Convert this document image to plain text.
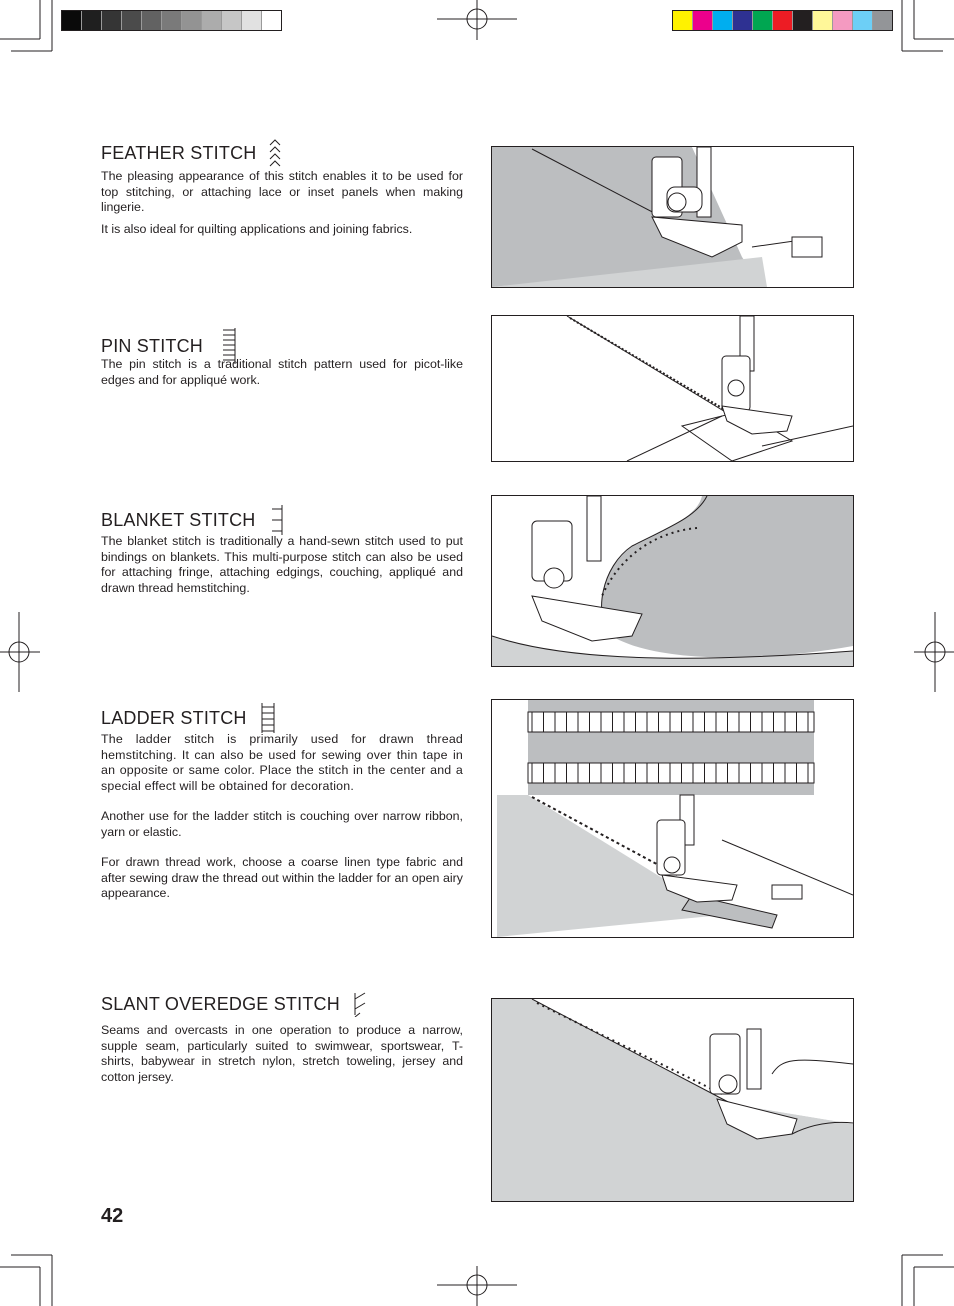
FEATHER STITCH

The pleasing appearance of this stitch enables it to be used for top stitching, or attaching lace or inset panels when making lingerie.

It is also ideal for quilting applications and joining fabrics.

PIN STITCH

The pin stitch is a traditional stitch pattern used for picot-like edges and for appliqué work.

BLANKET STITCH

The blanket stitch is traditionally a hand-sewn stitch used to put bindings on blankets. This multi-purpose stitch can also be used for attaching fringe, attaching edgings, couching, appliqué and drawn thread hemstitching.

LADDER STITCH

The ladder stitch is primarily used for drawn thread hemstitching. It can also be used for sewing over thin tape in an opposite or same color. Place the stitch in the center and a special effect will be obtained for decoration.

Another use for the ladder stitch is couching over narrow ribbon, yarn or elastic.

For drawn thread work, choose a coarse linen type fabric and after sewing draw the thread out within the ladder for an open airy appearance.

SLANT OVEREDGE STITCH

Seams and overcasts in one operation to produce a narrow, supple seam, particularly suited to swimwear, sportswear, T-shirts, babywear in stretch nylon, stretch toweling, jersey and cotton jersey.

42
